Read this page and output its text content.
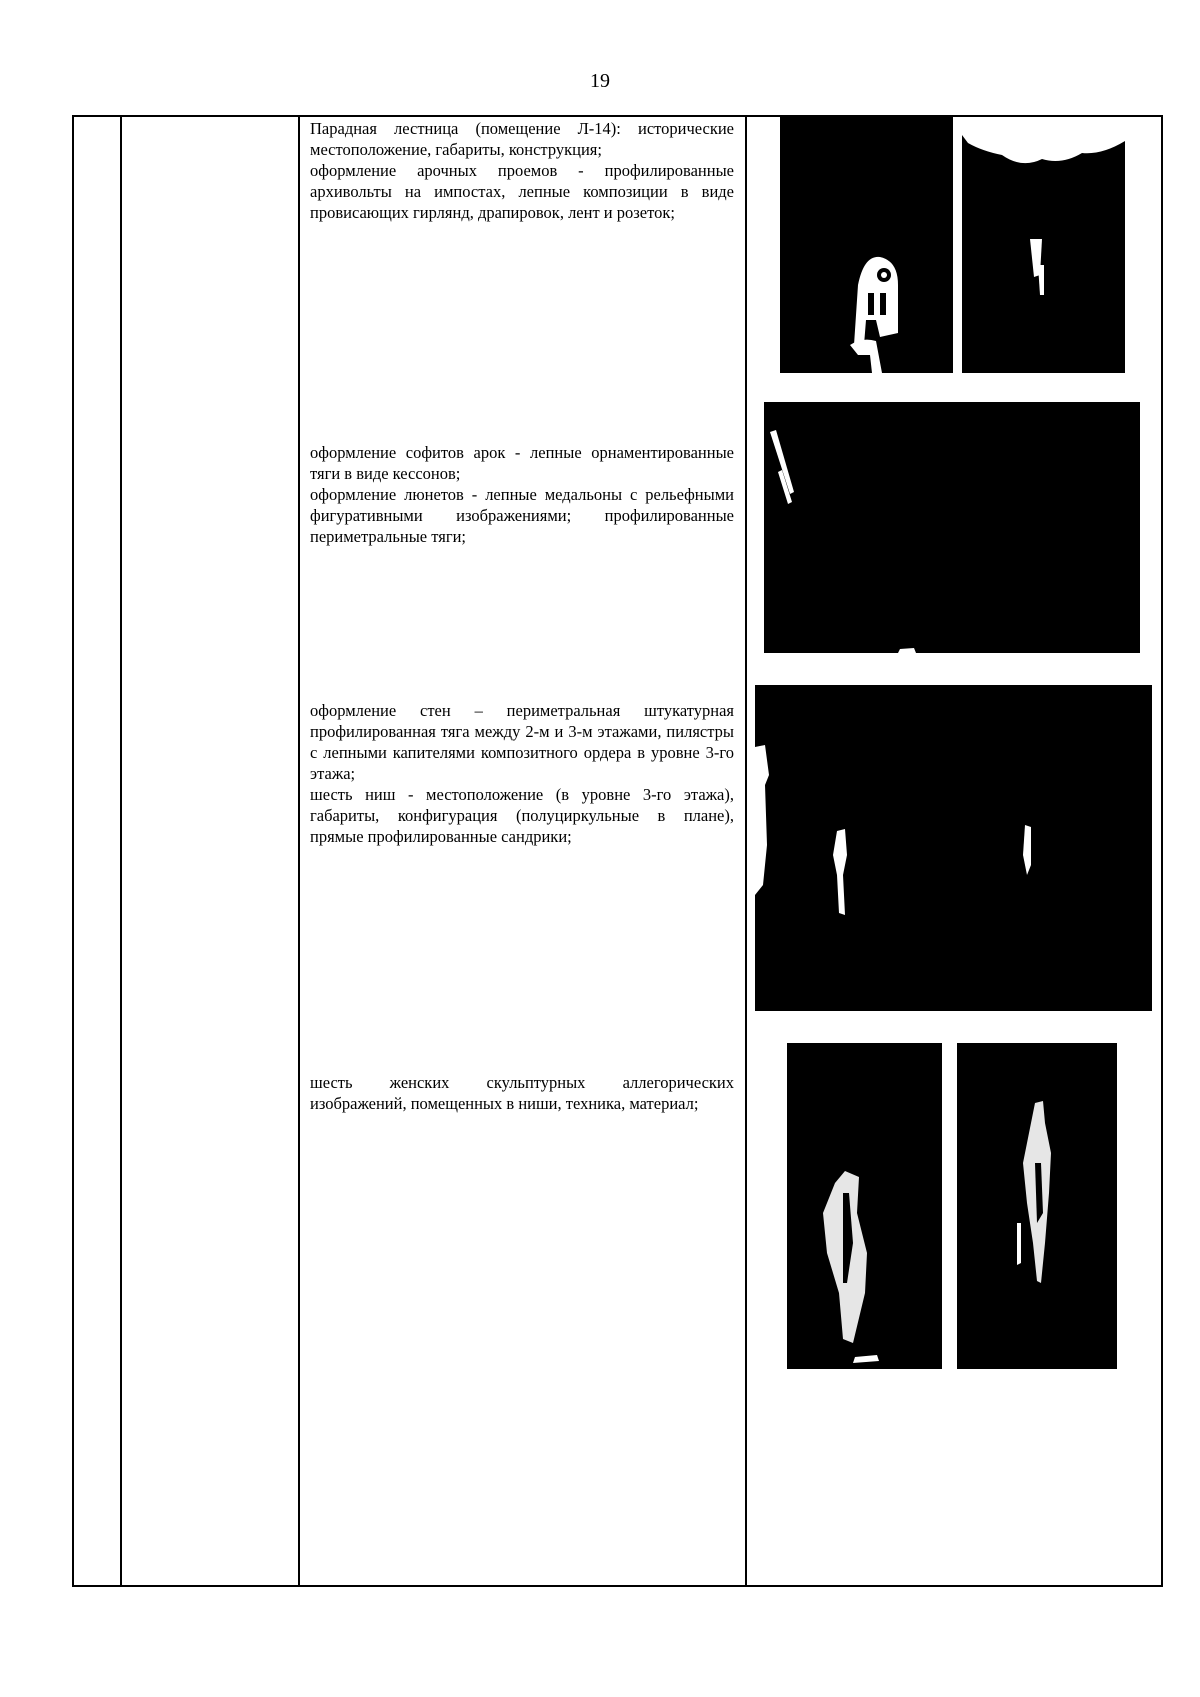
19

Парадная лестница (помещение Л-14): исторические местоположение, габариты, конструкция;

оформление арочных проемов - профилированные архивольты на импостах, лепные композиции в виде провисающих гирлянд, драпировок, лент и розеток;

оформление софитов арок - лепные орнаментированные тяги в виде кессонов;

оформление люнетов - лепные медальоны с рельефными фигуративными изображениями; профилированные периметральные тяги;

оформление стен – периметральная штукатурная профилированная тяга между 2-м и 3-м этажами, пилястры с лепными капителями композитного ордера в уровне 3-го этажа;

шесть ниш - местоположение (в уровне 3-го этажа), габариты, конфигурация (полуциркульные в плане), прямые профилированные сандрики;

шесть женских скульптурных аллегорических изображений, помещенных в ниши, техника, материал;
